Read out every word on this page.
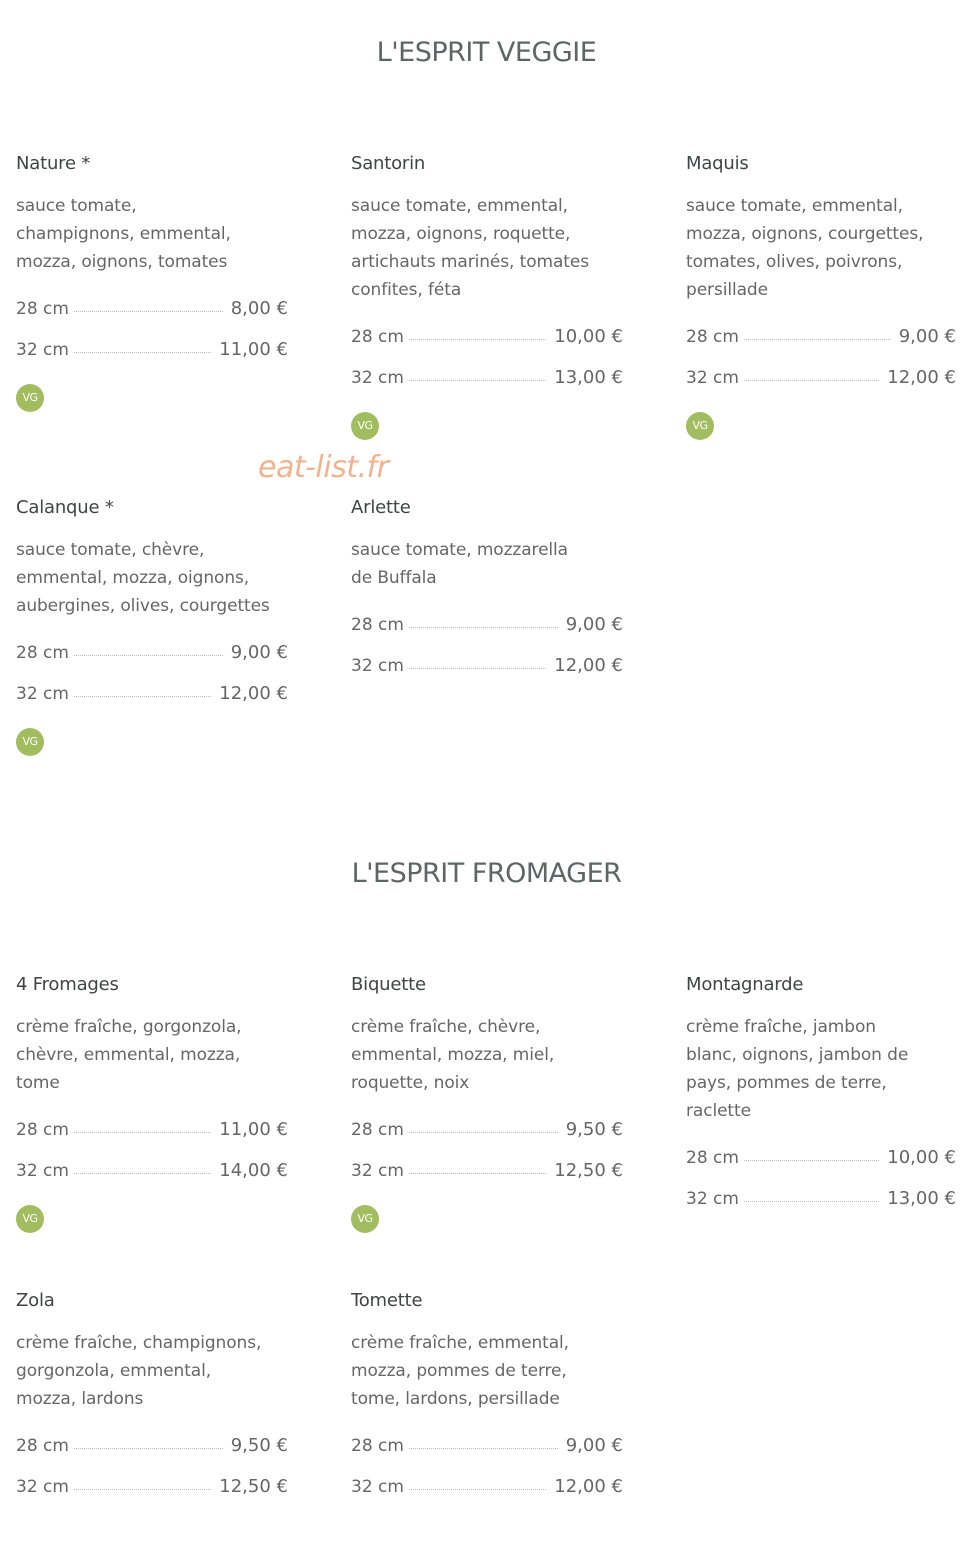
L'ESPRIT VEGGIE
Nature *
sauce tomate, champignons, emmental, mozza, oignons, tomates
28 cm	8,00 €
32 cm	11,00 €
VG
Santorin
sauce tomate, emmental, mozza, oignons, roquette, artichauts marinés, tomates confites, féta
28 cm	10,00 €
32 cm	13,00 €
VG
Maquis
sauce tomate, emmental, mozza, oignons, courgettes, tomates, olives, poivrons, persillade
28 cm	9,00 €
32 cm	12,00 €
VG
eat-list.fr
Calanque *
sauce tomate, chèvre, emmental, mozza, oignons, aubergines, olives, courgettes
28 cm	9,00 €
32 cm	12,00 €
VG
Arlette
sauce tomate, mozzarella de Buffala
28 cm	9,00 €
32 cm	12,00 €
L'ESPRIT FROMAGER
4 Fromages
crème fraîche, gorgonzola, chèvre, emmental, mozza, tome
28 cm	11,00 €
32 cm	14,00 €
VG
Biquette
crème fraîche, chèvre, emmental, mozza, miel, roquette, noix
28 cm	9,50 €
32 cm	12,50 €
VG
Montagnarde
crème fraîche, jambon blanc, oignons, jambon de pays, pommes de terre, raclette
28 cm	10,00 €
32 cm	13,00 €
Zola
crème fraîche, champignons, gorgonzola, emmental, mozza, lardons
28 cm	9,50 €
32 cm	12,50 €
Tomette
crème fraîche, emmental, mozza, pommes de terre, tome, lardons, persillade
28 cm	9,00 €
32 cm	12,00 €
